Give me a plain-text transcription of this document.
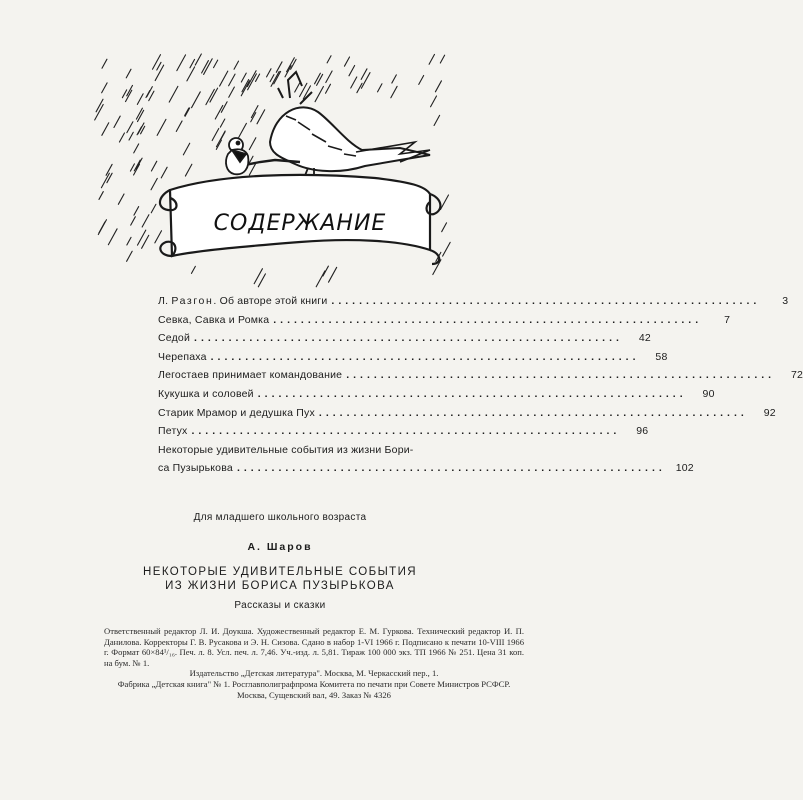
СОДЕРЖАНИЕ
Л. Разгон. Об авторе этой книги ..............................................................	3
Севка, Савка и Ромка ..............................................................	7
Седой ..............................................................	42
Черепаха ..............................................................	58
Легостаев принимает командование ..............................................................	72
Кукушка и соловей ..............................................................	90
Старик Мрамор и дедушка Пух ..............................................................	92
Петух ..............................................................	96
Некоторые удивительные события из жизни Бори-
са Пузырькова .............................................................. 102
Для младшего школьного возраста
А. Шаров
НЕКОТОРЫЕ УДИВИТЕЛЬНЫЕ СОБЫТИЯ
ИЗ ЖИЗНИ БОРИСА ПУЗЫРЬКОВА
Рассказы и сказки
Ответственный редактор Л. И. Доукша. Художественный редактор Е. М. Гуркова. Технический редактор И. П. Данилова. Корректоры Г. В. Русакова и Э. Н. Сизова. Сдано в набор 1-VI 1966 г. Подписано к печати 10-VIII 1966 г. Формат 60×84¹/₁₆. Печ. л. 8. Усл. печ. л. 7,46. Уч.-изд. л. 5,81. Тираж 100 000 экз. ТП 1966 № 251. Цена 31 коп. на бум. № 1.
Издательство „Детская литература". Москва, М. Черкасский пер., 1.
Фабрика „Детская книга" № 1. Росглавполиграфпрома Комитета по печати при Совете Министров РСФСР. Москва, Сущевский вал, 49. Заказ № 4326
